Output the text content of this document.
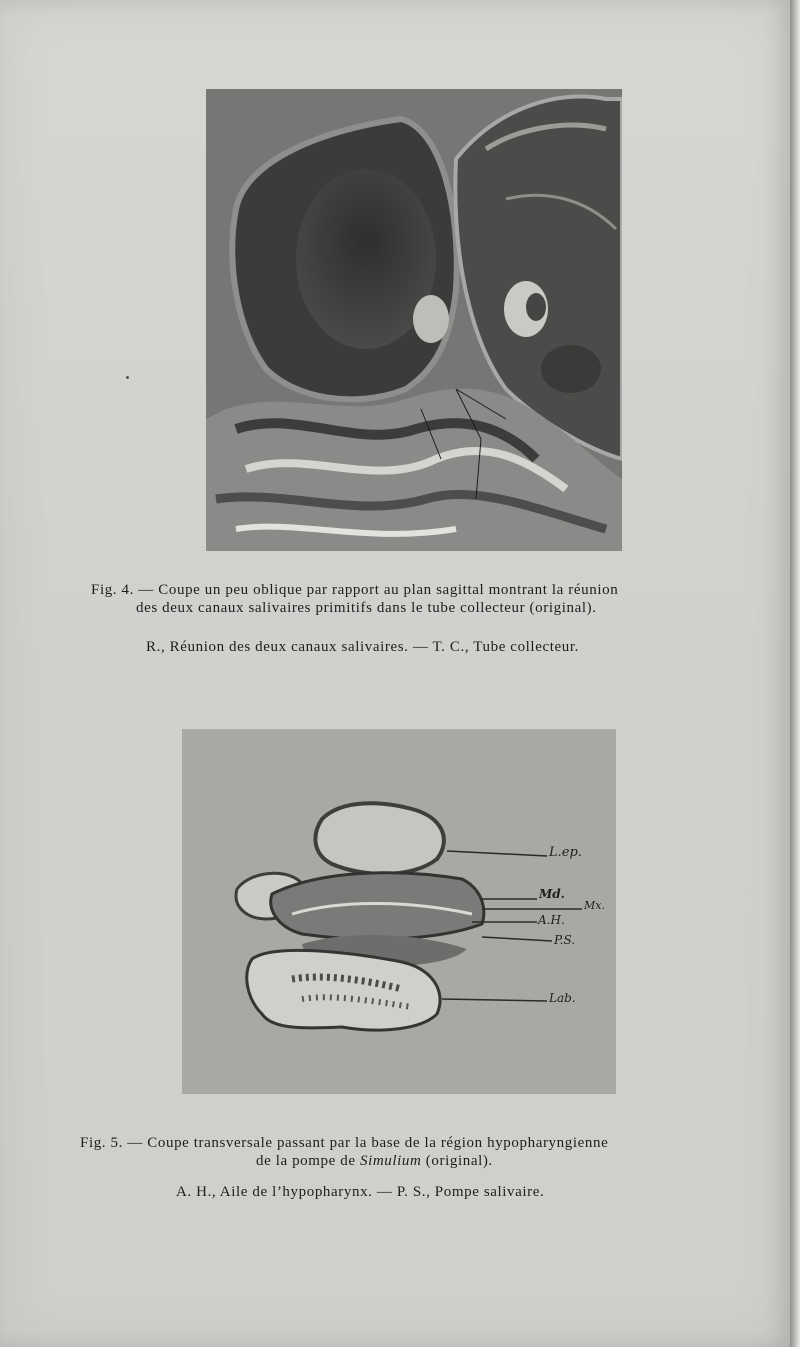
Fig. 4. — Coupe un peu oblique par rapport au plan sagittal montrant la réunion
des deux canaux salivaires primitifs dans le tube collecteur (original).
R., Réunion des deux canaux salivaires. — T. C., Tube collecteur.
L.ep.
Md.
Mx.
A.H.
P.S.
Lab.
Fig. 5. — Coupe transversale passant par la base de la région hypopharyngienne
de la pompe de Simulium (original).
A. H., Aile de l’hypopharynx. — P. S., Pompe salivaire.
